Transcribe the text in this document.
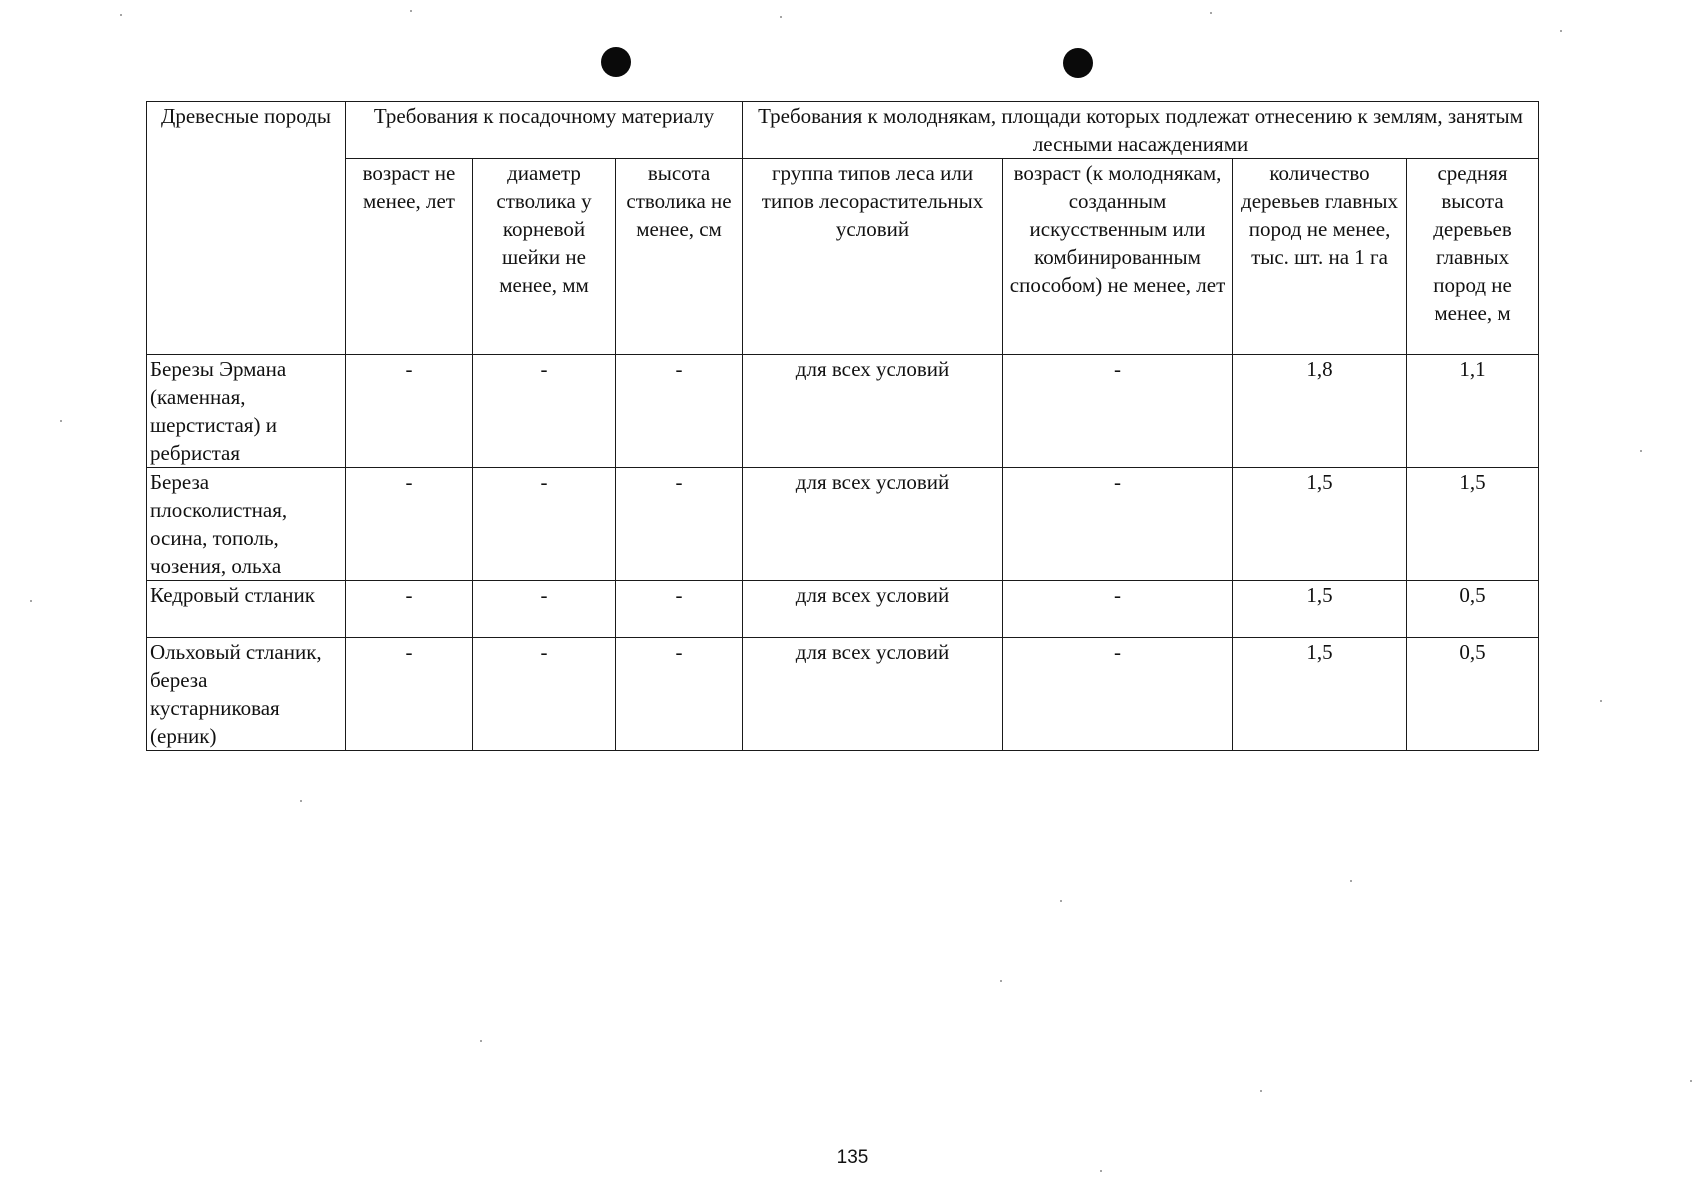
Древесные породы	Требования к посадочному материалу			Требования к молоднякам, площади которых подлежат отнесению к землям, занятым лесными насаждениями			
	возраст не менее, лет	диаметр стволика у корневой шейки не менее, мм	высота стволика не менее, см	группа типов леса или типов лесорастительных условий	возраст (к молоднякам, созданным искусственным или комбинированным способом) не менее, лет	количество деревьев главных пород не менее, тыс. шт. на 1 га	средняя высота деревьев главных пород не менее, м
Березы Эрмана (каменная, шерстистая) и ребристая	-	-	-	для всех условий	-	1,8	1,1
Береза плосколистная, осина, тополь, чозения, ольха	-	-	-	для всех условий	-	1,5	1,5
Кедровый стланик	-	-	-	для всех условий	-	1,5	0,5
Ольховый стланик, береза кустарниковая (ерник)	-	-	-	для всех условий	-	1,5	0,5
135
